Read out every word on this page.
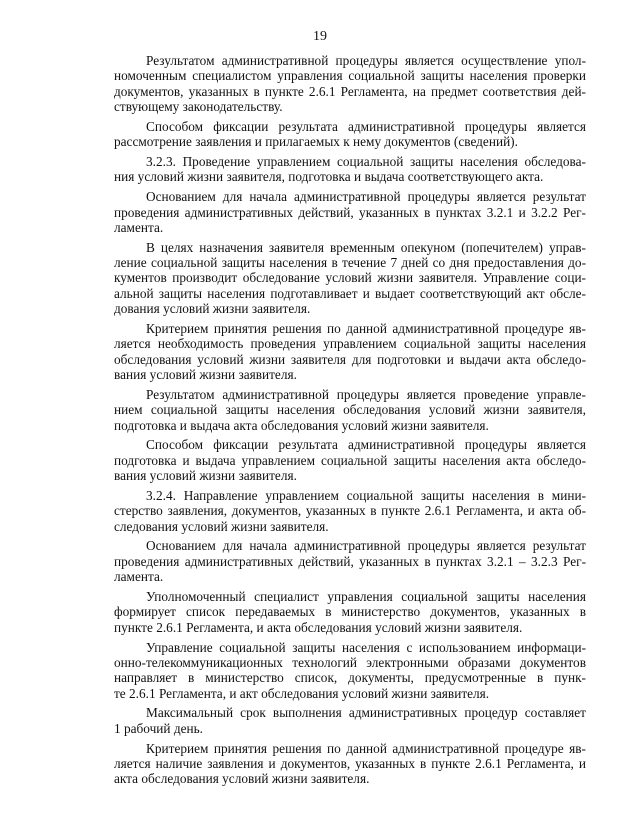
19
Результатом административной процедуры является осуществление упол-
номоченным специалистом управления социальной защиты населения проверки
документов, указанных в пункте 2.6.1 Регламента, на предмет соответствия дей-
ствующему законодательству.
Способом фиксации результата административной процедуры является
рассмотрение заявления и прилагаемых к нему документов (сведений).
3.2.3. Проведение управлением социальной защиты населения обследова-
ния условий жизни заявителя, подготовка и выдача соответствующего акта.
Основанием для начала административной процедуры является результат
проведения административных действий, указанных в пунктах 3.2.1 и 3.2.2 Рег-
ламента.
В целях назначения заявителя временным опекуном (попечителем) управ-
ление социальной защиты населения в течение 7 дней со дня предоставления до-
кументов производит обследование условий жизни заявителя. Управление соци-
альной защиты населения подготавливает и выдает соответствующий акт обсле-
дования условий жизни заявителя.
Критерием принятия решения по данной административной процедуре яв-
ляется необходимость проведения управлением социальной защиты населения
обследования условий жизни заявителя для подготовки и выдачи акта обследо-
вания условий жизни заявителя.
Результатом административной процедуры является проведение управле-
нием социальной защиты населения обследования условий жизни заявителя,
подготовка и выдача акта обследования условий жизни заявителя.
Способом фиксации результата административной процедуры является
подготовка и выдача управлением социальной защиты населения акта обследо-
вания условий жизни заявителя.
3.2.4. Направление управлением социальной защиты населения в мини-
стерство заявления, документов, указанных в пункте 2.6.1 Регламента, и акта об-
следования условий жизни заявителя.
Основанием для начала административной процедуры является результат
проведения административных действий, указанных в пунктах 3.2.1 – 3.2.3 Рег-
ламента.
Уполномоченный специалист управления социальной защиты населения
формирует список передаваемых в министерство документов, указанных в
пункте 2.6.1 Регламента, и акта обследования условий жизни заявителя.
Управление социальной защиты населения с использованием информаци-
онно-телекоммуникационных технологий электронными образами документов
направляет в министерство список, документы, предусмотренные в пунк-
те 2.6.1 Регламента, и акт обследования условий жизни заявителя.
Максимальный срок выполнения административных процедур составляет
1 рабочий день.
Критерием принятия решения по данной административной процедуре яв-
ляется наличие заявления и документов, указанных в пункте 2.6.1 Регламента, и
акта обследования условий жизни заявителя.
